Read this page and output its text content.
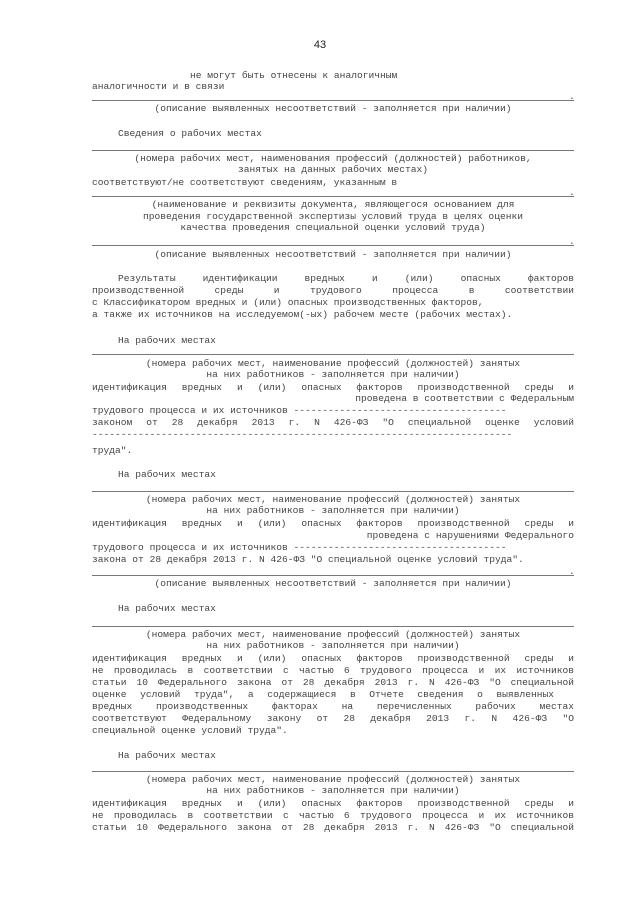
43
не могут быть отнесены к аналогичным
аналогичности и в связи
.
(описание выявленных несоответствий - заполняется при наличии)
Сведения о рабочих местах
(номера рабочих мест, наименования профессий (должностей) работников,
занятых на данных рабочих местах)
соответствуют/не соответствуют сведениям, указанным в
.
(наименование и реквизиты документа, являющегося основанием для
проведения государственной экспертизы условий труда в целях оценки
качества проведения специальной оценки условий труда)
.
(описание выявленных несоответствий - заполняется при наличии)
Результаты идентификации вредных и (или) опасных факторов
производственной среды и трудового процесса в соответствии
с Классификатором вредных и (или) опасных производственных факторов,
а также их источников на исследуемом(-ых) рабочем месте (рабочих местах).
На рабочих местах
(номера рабочих мест, наименование профессий (должностей) занятых
на них работников - заполняется при наличии)
идентификация вредных и (или) опасных факторов производственной среды и
проведена в соответствии с Федеральным
трудового процесса и их источников -------------------------------------
законом от 28 декабря 2013 г. N 426-ФЗ "О специальной оценке условий
-------------------------------------------------------------------------
труда".
На рабочих местах
(номера рабочих мест, наименование профессий (должностей) занятых
на них работников - заполняется при наличии)
идентификация вредных и (или) опасных факторов производственной среды и
проведена с нарушениями Федерального
трудового процесса и их источников -------------------------------------
закона от 28 декабря 2013 г. N 426-ФЗ "О специальной оценке условий труда".
.
(описание выявленных несоответствий - заполняется при наличии)
На рабочих местах
(номера рабочих мест, наименование профессий (должностей) занятых
на них работников - заполняется при наличии)
идентификация вредных и (или) опасных факторов производственной среды и
не проводилась в соответствии с частью 6 трудового процесса и их источников
статьи 10 Федерального закона от 28 декабря 2013 г. N 426-ФЗ "О специальной
оценке условий труда", а содержащиеся в Отчете сведения о выявленных
вредных производственных факторах на перечисленных рабочих местах
соответствуют Федеральному закону от 28 декабря 2013 г. N 426-ФЗ "О
специальной оценке условий труда".
На рабочих местах
(номера рабочих мест, наименование профессий (должностей) занятых
на них работников - заполняется при наличии)
идентификация вредных и (или) опасных факторов производственной среды и
не проводилась в соответствии с частью 6 трудового процесса и их источников
статьи 10 Федерального закона от 28 декабря 2013 г. N 426-ФЗ "О специальной
